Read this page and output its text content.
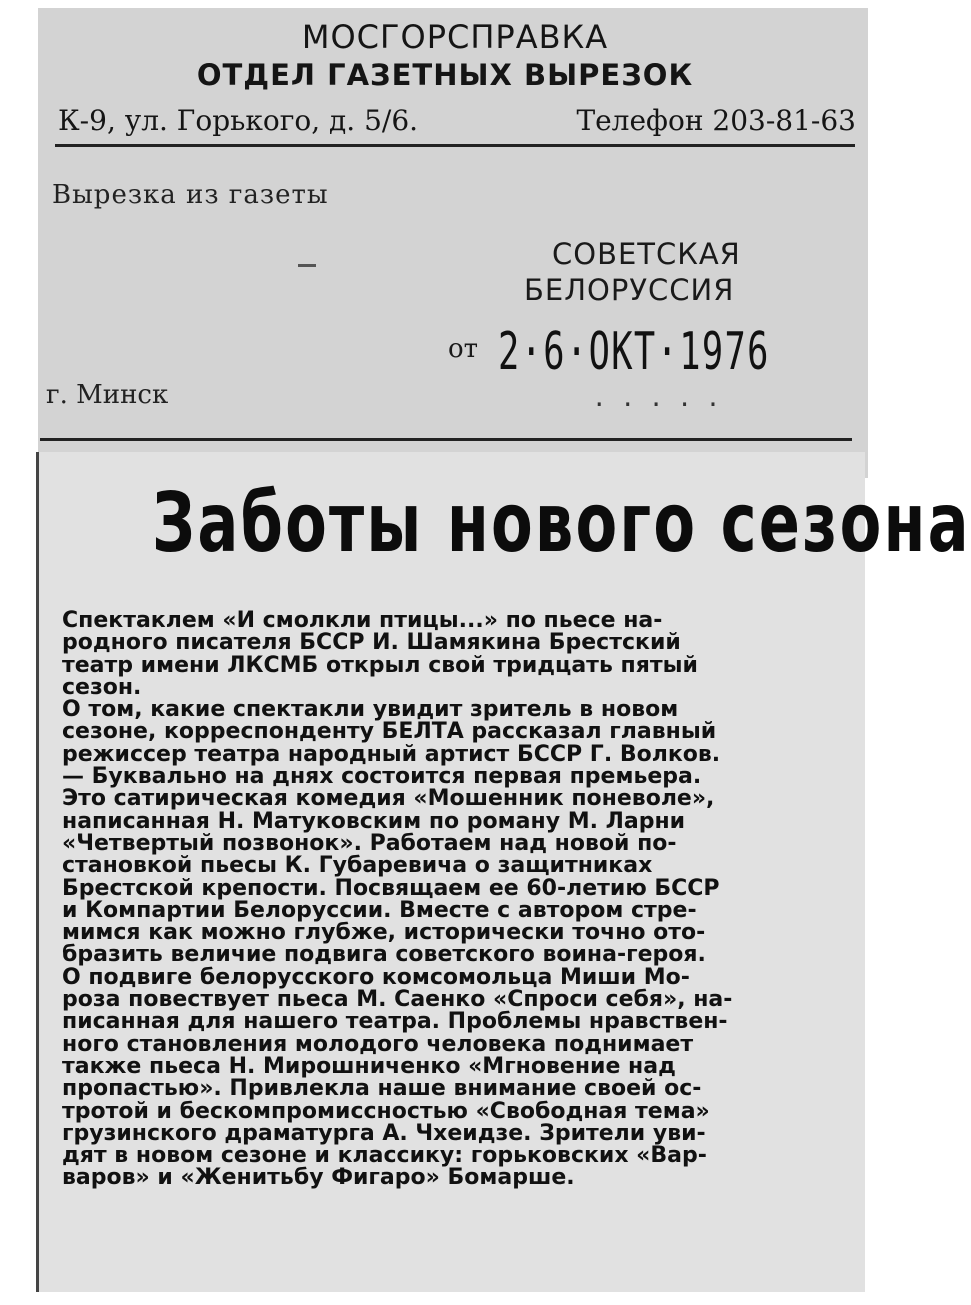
МОСГОРСПРАВКА
ОТДЕЛ ГАЗЕТНЫХ ВЫРЕЗОК
К-9, ул. Горького, д. 5/6.	Телефон 203-81-63
Вырезка из газеты
СОВЕТСКАЯ
БЕЛОРУССИЯ
от 2·6·ОКТ·1976
.....
г. Минск
Заботы нового сезона
Спектаклем «И смолкли птицы...» по пьесе на-
родного писателя БССР И. Шамякина Брестский
театр имени ЛКСМБ открыл свой тридцать пятый
сезон.
О том, какие спектакли увидит зритель в новом
сезоне, корреспонденту БЕЛТА рассказал главный
режиссер театра народный артист БССР Г. Волков.
— Буквально на днях состоится первая премьера.
Это сатирическая комедия «Мошенник поневоле»,
написанная Н. Матуковским по роману М. Ларни
«Четвертый позвонок». Работаем над новой по-
становкой пьесы К. Губаревича о защитниках
Брестской крепости. Посвящаем ее 60-летию БССР
и Компартии Белоруссии. Вместе с автором стре-
мимся как можно глубже, исторически точно ото-
бразить величие подвига советского воина-героя.
О подвиге белорусского комсомольца Миши Мо-
роза повествует пьеса М. Саенко «Спроси себя», на-
писанная для нашего театра. Проблемы нравствен-
ного становления молодого человека поднимает
также пьеса Н. Мирошниченко «Мгновение над
пропастью». Привлекла наше внимание своей ос-
тротой и бескомпромиссностью «Свободная тема»
грузинского драматурга А. Чхеидзе. Зрители уви-
дят в новом сезоне и классику: горьковских «Вар-
варов» и «Женитьбу Фигаро» Бомарше.
